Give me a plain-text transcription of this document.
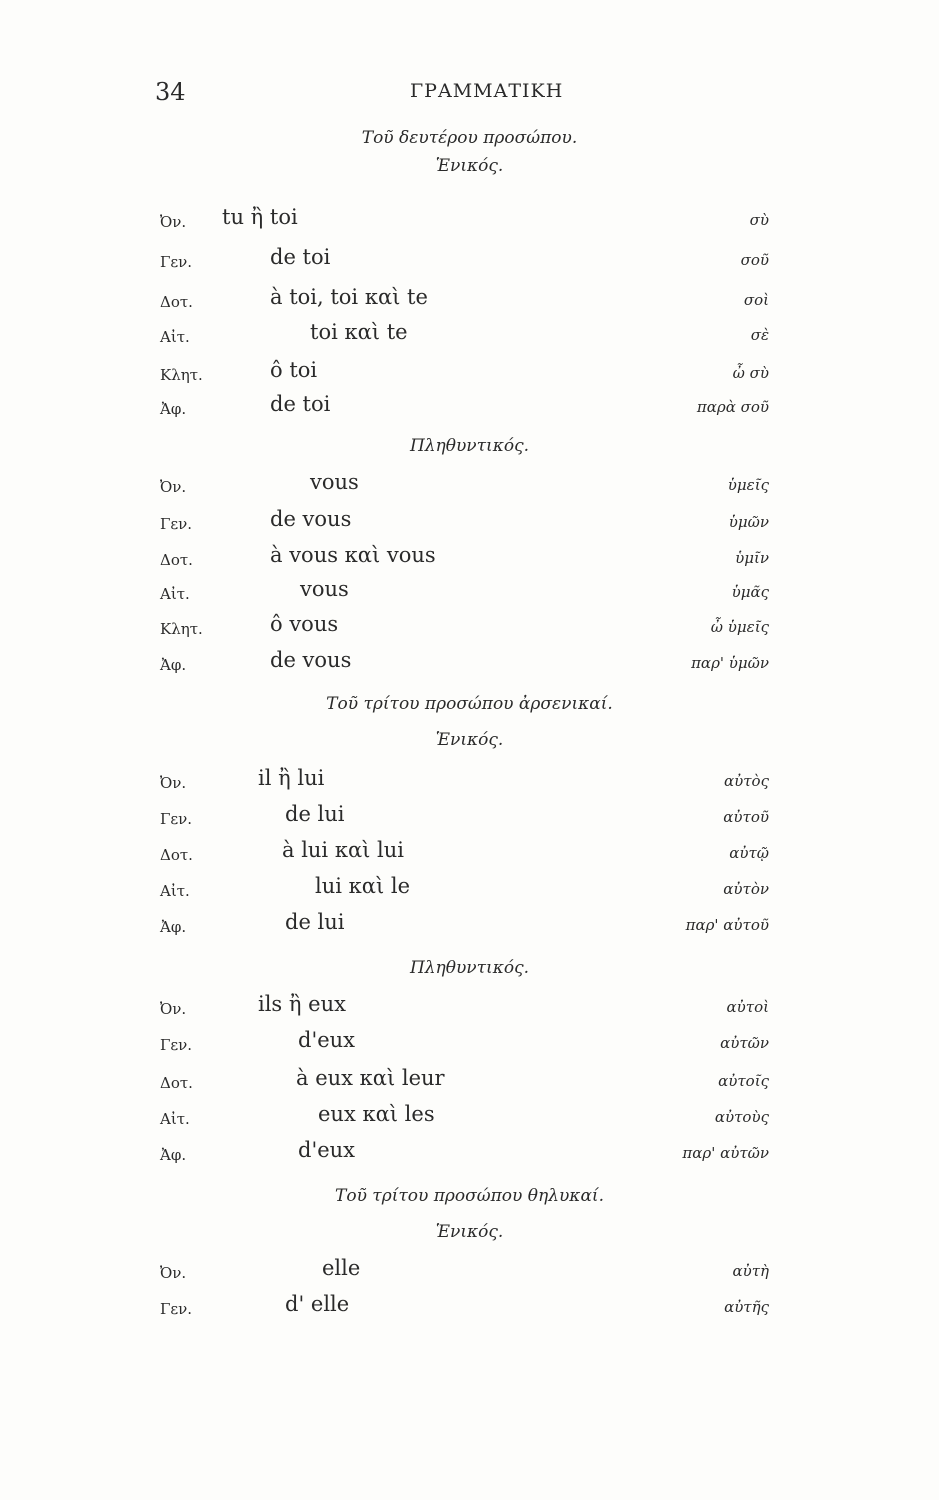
34	ΓΡΑΜΜΑΤΙΚΗ
Τοῦ δευτέρου προσώπου.
Ἑνικός.
Ὀν. tu ἢ toi	σὺ
Γεν.	de toi	σοῦ
Δοτ.	à toi, toi καὶ te	σοὶ
Αἰτ.	toi καὶ te	σὲ
Κλητ.	ô toi	ὦ σὺ
Ἀφ.	de toi	παρὰ σοῦ
Πληθυντικός.
Ὀν.	vous	ὑμεῖς
Γεν.	de vous	ὑμῶν
Δοτ.	à vous καὶ vous	ὑμῖν
Αἰτ.	vous	ὑμᾶς
Κλητ.	ô vous	ὦ ὑμεῖς
Ἀφ.	de vous	παρ' ὑμῶν
Τοῦ τρίτου προσώπου ἀρσενικαί.
Ἑνικός.
Ὀν.	il ἢ lui	αὐτὸς
Γεν.	de lui	αὐτοῦ
Δοτ.	à lui καὶ lui	αὐτῷ
Αἰτ.	lui καὶ le	αὐτὸν
Ἀφ.	de lui	παρ' αὐτοῦ
Πληθυντικός.
Ὀν.	ils ἢ eux	αὐτοὶ
Γεν.	d'eux	αὐτῶν
Δοτ.	à eux καὶ leur	αὐτοῖς
Αἰτ.	eux καὶ les	αὐτοὺς
Ἀφ.	d'eux	παρ' αὐτῶν
Τοῦ τρίτου προσώπου θηλυκαί.
Ἑνικός.
Ὀν.	elle	αὐτὴ
Γεν.	d' elle	αὐτῆς
